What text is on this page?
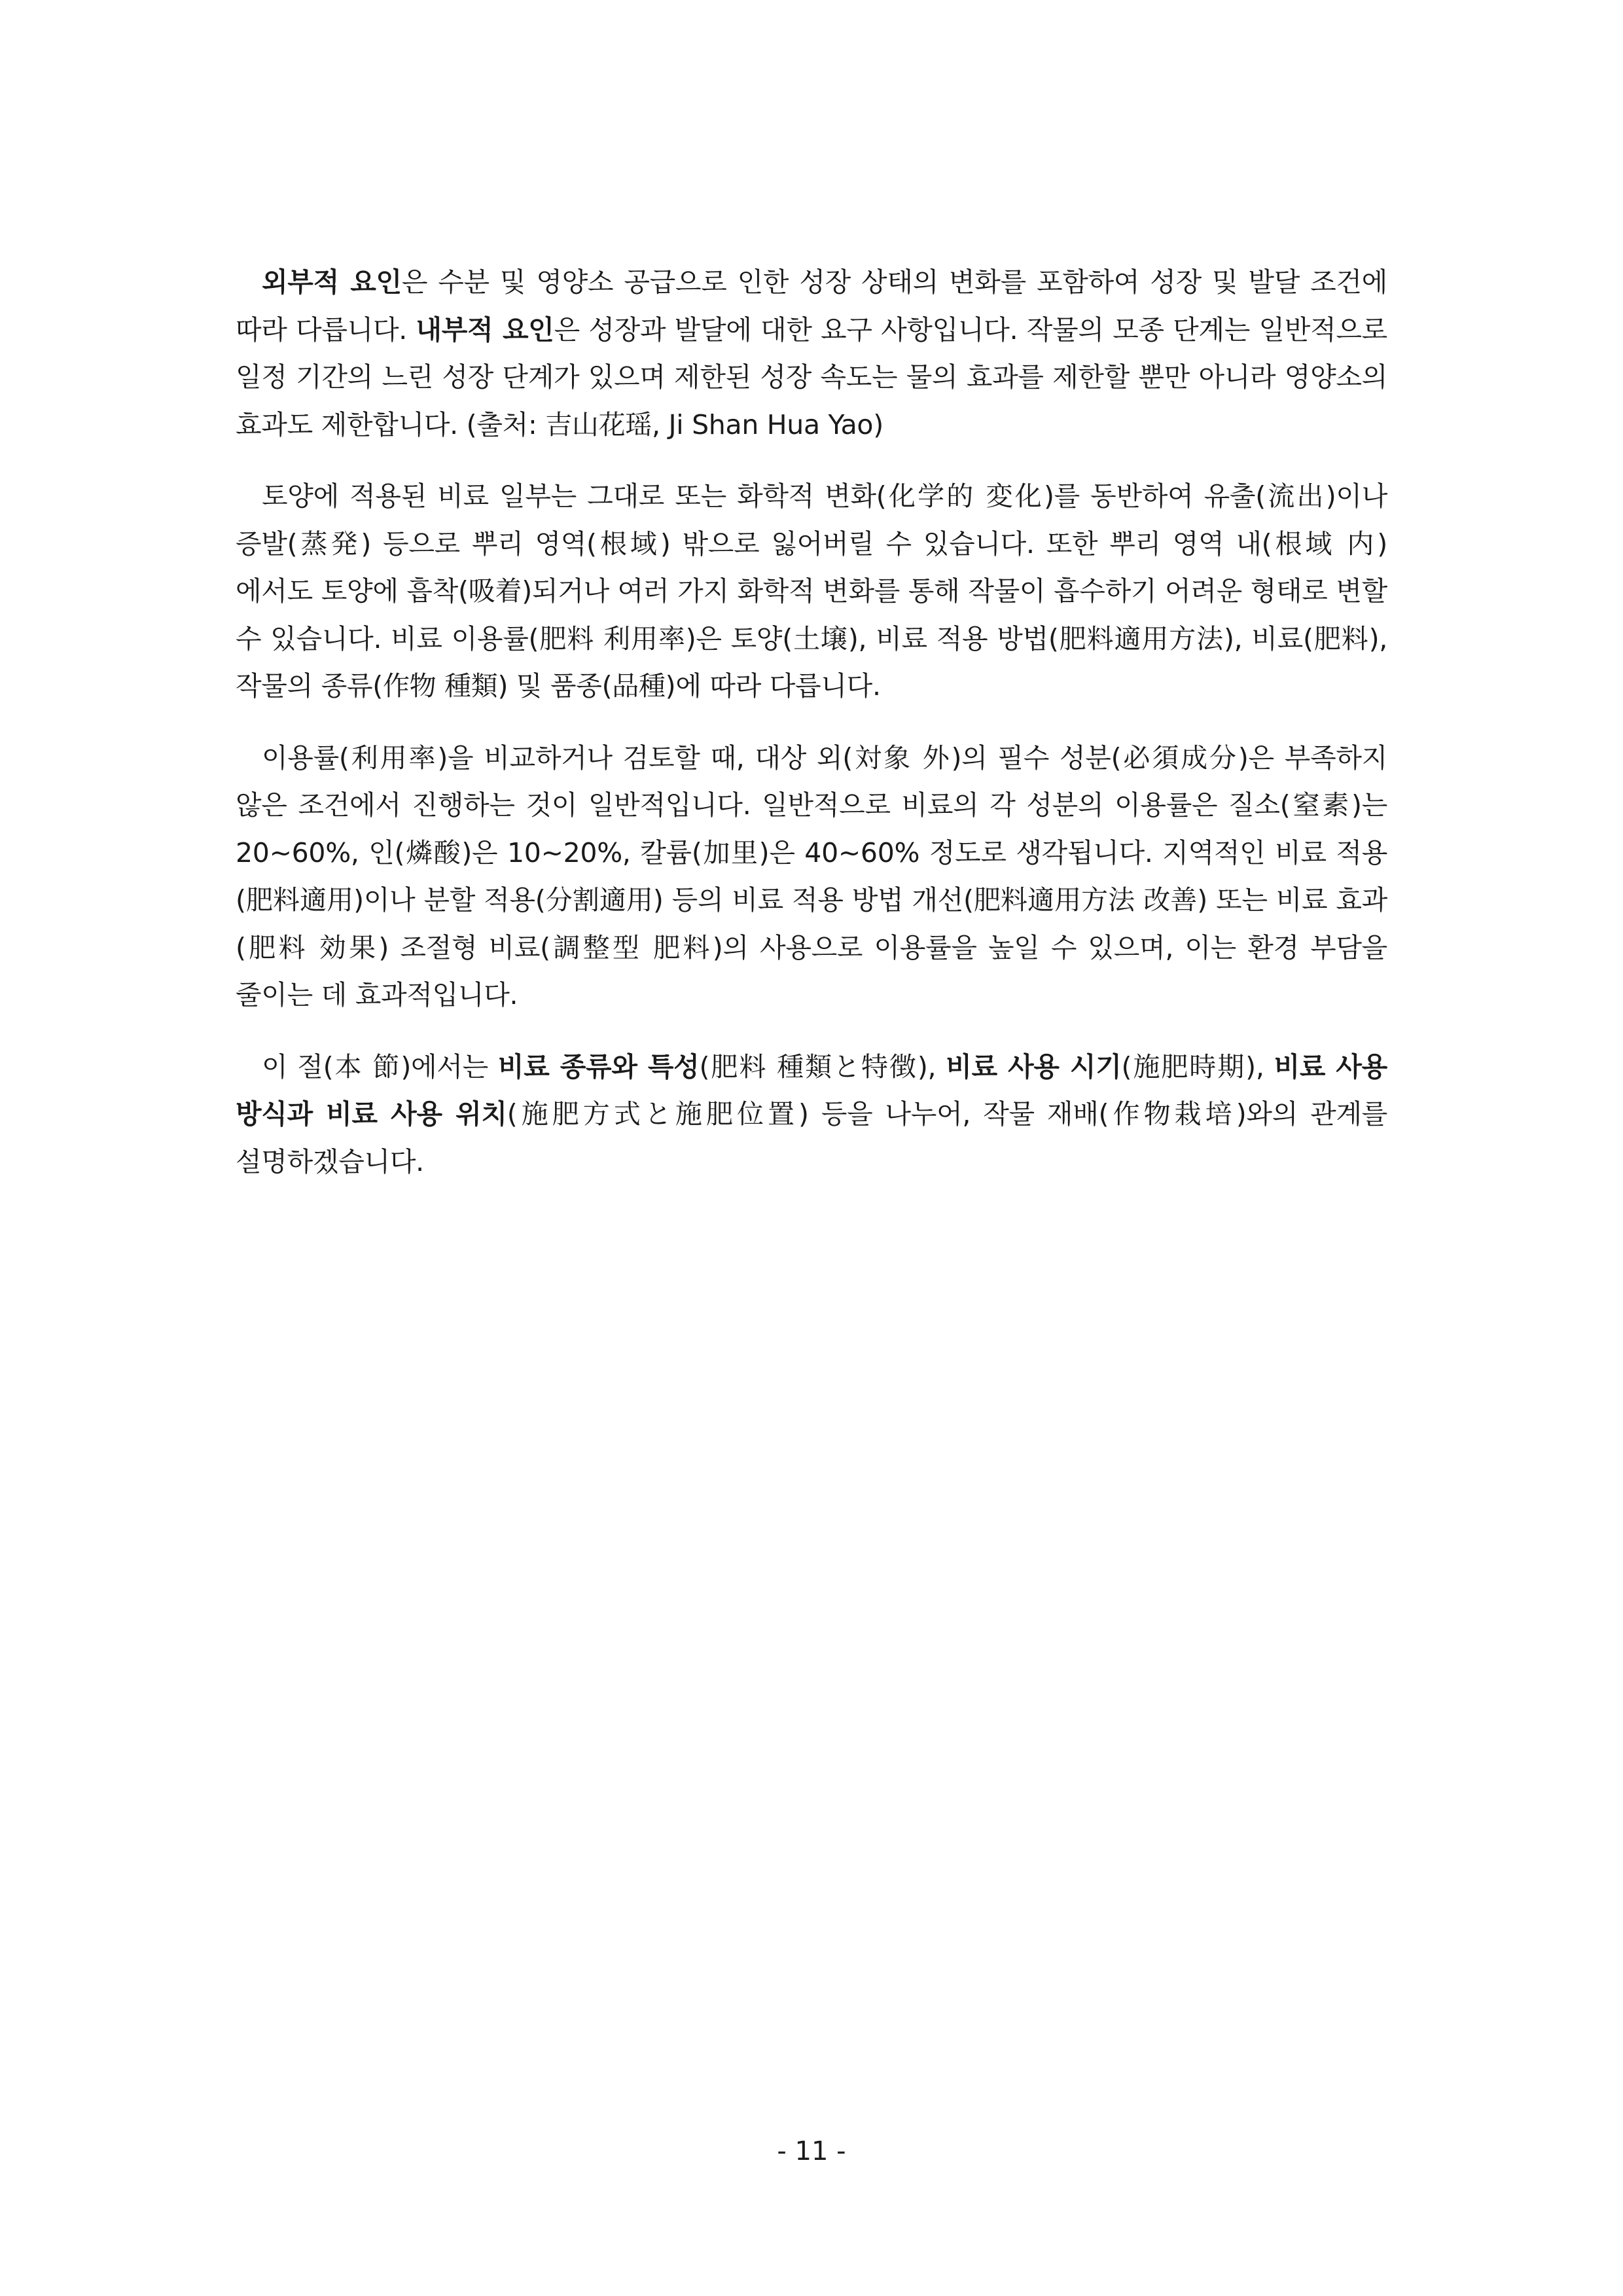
외부적 요인은 수분 및 영양소 공급으로 인한 성장 상태의 변화를 포함하여 성장 및 발달 조건에 따라 다릅니다. 내부적 요인은 성장과 발달에 대한 요구 사항입니다. 작물의 모종 단계는 일반적으로 일정 기간의 느린 성장 단계가 있으며 제한된 성장 속도는 물의 효과를 제한할 뿐만 아니라 영양소의 효과도 제한합니다. (출처: 吉山花瑶, Ji Shan Hua Yao)

토양에 적용된 비료 일부는 그대로 또는 화학적 변화(化学的 変化)를 동반하여 유출(流出)이나 증발(蒸発) 등으로 뿌리 영역(根域) 밖으로 잃어버릴 수 있습니다. 또한 뿌리 영역 내(根域 内)에서도 토양에 흡착(吸着)되거나 여러 가지 화학적 변화를 통해 작물이 흡수하기 어려운 형태로 변할 수 있습니다. 비료 이용률(肥料 利用率)은 토양(土壌), 비료 적용 방법(肥料適用方法), 비료(肥料), 작물의 종류(作物 種類) 및 품종(品種)에 따라 다릅니다.

이용률(利用率)을 비교하거나 검토할 때, 대상 외(対象 外)의 필수 성분(必須成分)은 부족하지 않은 조건에서 진행하는 것이 일반적입니다. 일반적으로 비료의 각 성분의 이용률은 질소(窒素)는 20~60%, 인(燐酸)은 10~20%, 칼륨(加里)은 40~60% 정도로 생각됩니다. 지역적인 비료 적용(肥料適用)이나 분할 적용(分割適用) 등의 비료 적용 방법 개선(肥料適用方法 改善) 또는 비료 효과(肥料 効果) 조절형 비료(調整型 肥料)의 사용으로 이용률을 높일 수 있으며, 이는 환경 부담을 줄이는 데 효과적입니다.

이 절(本 節)에서는 비료 종류와 특성(肥料 種類と特徴), 비료 사용 시기(施肥時期), 비료 사용 방식과 비료 사용 위치(施肥方式と施肥位置) 등을 나누어, 작물 재배(作物栽培)와의 관계를 설명하겠습니다.

- 11 -
